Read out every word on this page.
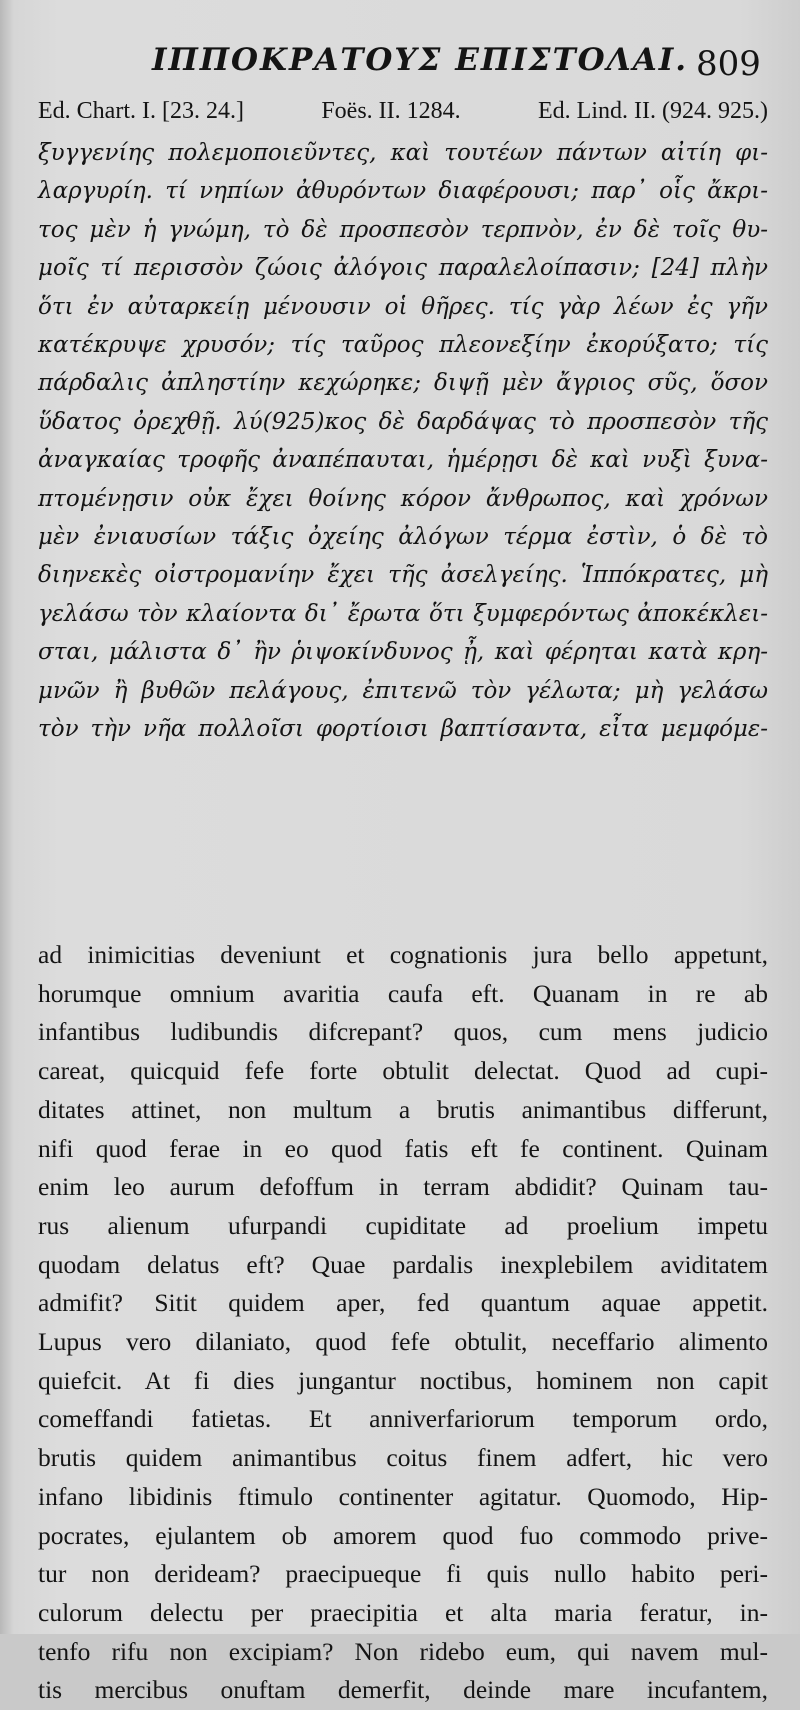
ΙΠΠΟΚΡΑΤΟΥΣ ΕΠΙΣΤΟΛΑΙ. 809
Ed. Chart. I. [23. 24.]	Foës. II. 1284.	Ed. Lind. II. (924. 925.)
ξυγγενίης πολεμοποιεῦντες, καὶ τουτέων πάντων αἰτίη φι-
λαργυρίη. τί νηπίων ἀθυρόντων διαφέρουσι; παρ᾽ οἷς ἄκρι-
τος μὲν ἡ γνώμη, τὸ δὲ προσπεσὸν τερπνὸν, ἐν δὲ τοῖς θυ-
μοῖς τί περισσὸν ζώοις ἀλόγοις παραλελοίπασιν; [24] πλὴν
ὅτι ἐν αὐταρκείῃ μένουσιν οἱ θῆρες. τίς γὰρ λέων ἐς γῆν
κατέκρυψε χρυσόν; τίς ταῦρος πλεονεξίην ἐκορύξατο; τίς
πάρδαλις ἀπληστίην κεχώρηκε; διψῇ μὲν ἄγριος σῦς, ὅσον
ὕδατος ὀρεχθῇ. λύ(925)κος δὲ δαρδάψας τὸ προσπεσὸν τῆς
ἀναγκαίας τροφῆς ἀναπέπαυται, ἡμέρῃσι δὲ καὶ νυξὶ ξυνα-
πτομένῃσιν οὐκ ἔχει θοίνης κόρον ἄνθρωπος, καὶ χρόνων
μὲν ἐνιαυσίων τάξις ὀχείης ἀλόγων τέρμα ἐστὶν, ὁ δὲ τὸ
διηνεκὲς οἰστρομανίην ἔχει τῆς ἀσελγείης. Ἱππόκρατες, μὴ
γελάσω τὸν κλαίοντα δι᾽ ἔρωτα ὅτι ξυμφερόντως ἀποκέκλει-
σται, μάλιστα δ᾽ ἢν ῥιψοκίνδυνος ᾖ, καὶ φέρηται κατὰ κρη-
μνῶν ἢ βυθῶν πελάγους, ἐπιτενῶ τὸν γέλωτα; μὴ γελάσω
τὸν τὴν νῆα πολλοῖσι φορτίοισι βαπτίσαντα, εἶτα μεμφόμε-
ad inimicitias deveniunt et cognationis jura bello appetunt,
horumque omnium avaritia caufa eft. Quanam in re ab
infantibus ludibundis difcrepant? quos, cum mens judicio
careat, quicquid fefe forte obtulit delectat. Quod ad cupi-
ditates attinet, non multum a brutis animantibus differunt,
nifi quod ferae in eo quod fatis eft fe continent. Quinam
enim leo aurum defoffum in terram abdidit? Quinam tau-
rus alienum ufurpandi cupiditate ad proelium impetu
quodam delatus eft? Quae pardalis inexplebilem aviditatem
admifit? Sitit quidem aper, fed quantum aquae appetit.
Lupus vero dilaniato, quod fefe obtulit, neceffario alimento
quiefcit. At fi dies jungantur noctibus, hominem non capit
comeffandi fatietas. Et anniverfariorum temporum ordo,
brutis quidem animantibus coitus finem adfert, hic vero
infano libidinis ftimulo continenter agitatur. Quomodo, Hip-
pocrates, ejulantem ob amorem quod fuo commodo prive-
tur non derideam? praecipueque fi quis nullo habito peri-
culorum delectu per praecipitia et alta maria feratur, in-
tenfo rifu non excipiam? Non ridebo eum, qui navem mul-
tis mercibus onuftam demerfit, deinde mare incufantem,
